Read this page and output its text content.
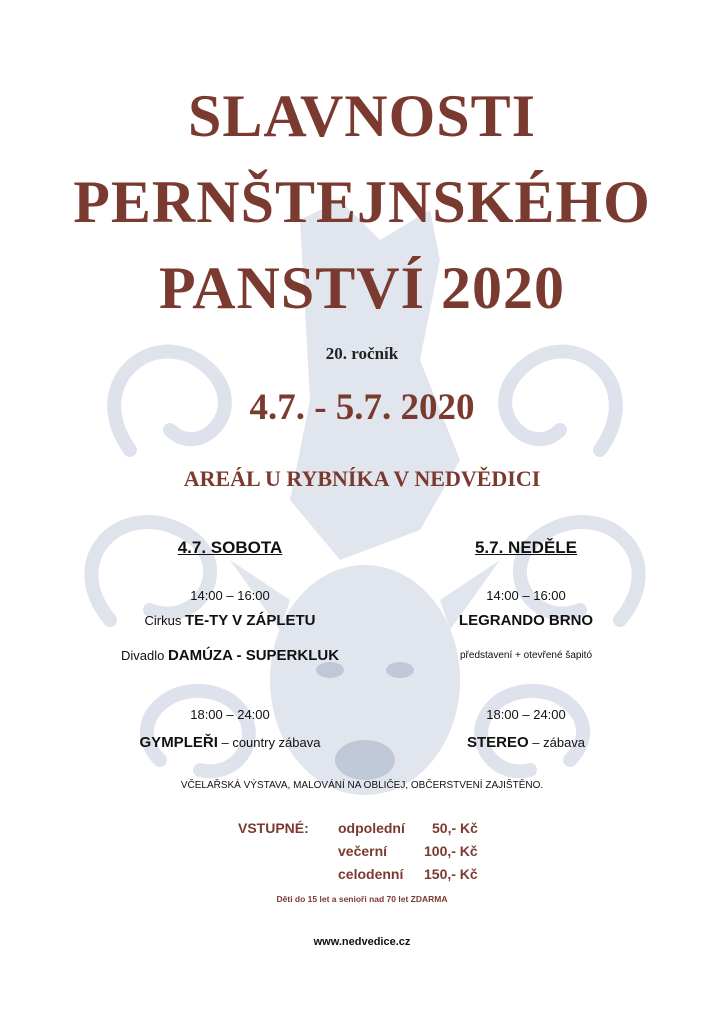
SLAVNOSTI
PERNŠTEJNSKÉHO
PANSTVÍ 2020
20. ročník
4.7. - 5.7. 2020
AREÁL U RYBNÍKA V NEDVĚDICI
4.7. SOBOTA
14:00 – 16:00
Cirkus TE-TY V ZÁPLETU
Divadlo DAMÚZA - SUPERKLUK
18:00 – 24:00
GYMPLEŘI – country zábava
5.7. NEDĚLE
14:00 – 16:00
LEGRANDO BRNO
představení + otevřené šapitó
18:00 – 24:00
STEREO – zábava
VČELAŘSKÁ VÝSTAVA, MALOVÁNÍ NA OBLIČEJ, OBČERSTVENÍ ZAJIŠTĚNO.
VSTUPNÉ: odpolední 50,- Kč
večerní	100,- Kč
celodenní 150,- Kč
Děti do 15 let a senioři nad 70 let ZDARMA
www.nedvedice.cz
